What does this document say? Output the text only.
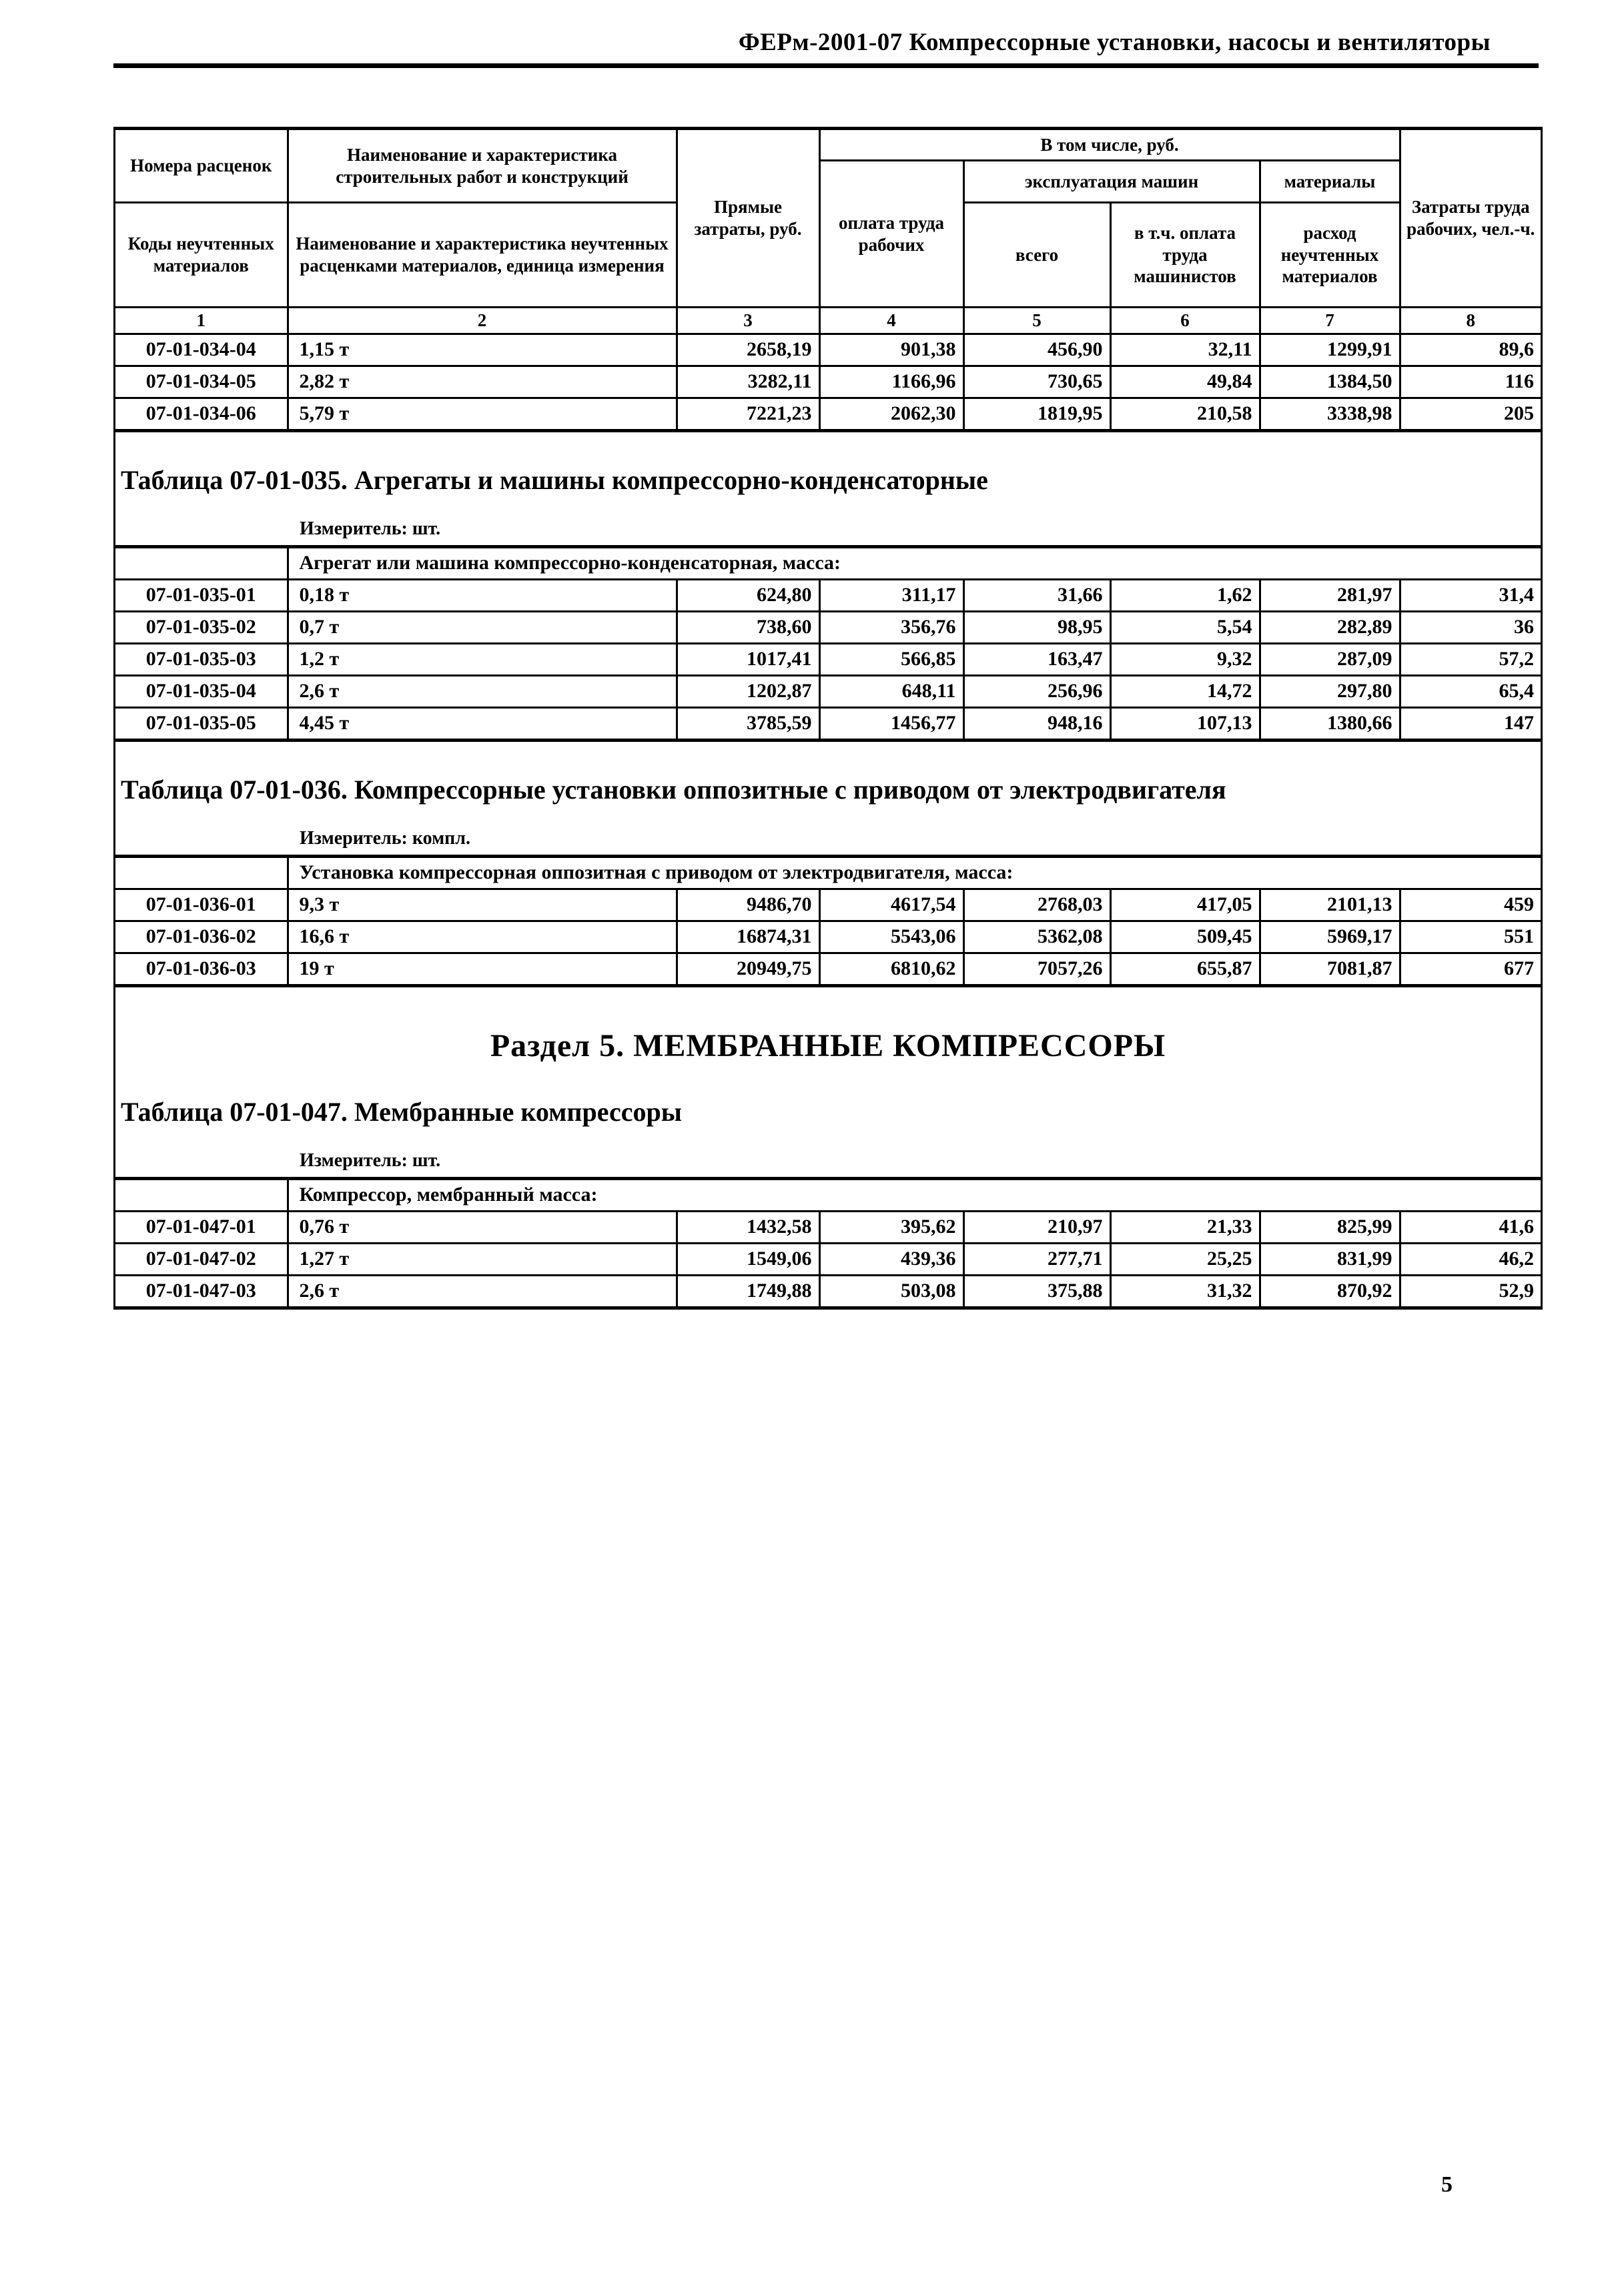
ФЕРм-2001-07 Компрессорные установки, насосы и вентиляторы
Номера расценок	Наименование и характеристика строительных работ и конструкций	Прямые затраты, руб.	В том числе, руб.				Затраты труда рабочих, чел.-ч.
			оплата труда рабочих	эксплуатация машин		материалы	
Коды неучтенных материалов	Наименование и характеристика неучтенных расценками материалов, единица измерения			всего	в т.ч. оплата труда машинистов	расход неучтенных материалов	
1	2	3	4	5	6	7	8
07-01-034-04	1,15 т	2658,19	901,38	456,90	32,11	1299,91	89,6
07-01-034-05	2,82 т	3282,11	1166,96	730,65	49,84	1384,50	116
07-01-034-06	5,79 т	7221,23	2062,30	1819,95	210,58	3338,98	205
Таблица 07-01-035. Агрегаты и машины компрессорно-конденсаторные
Измеритель: шт.
	Агрегат или машина компрессорно-конденсаторная, масса:						
07-01-035-01	0,18 т	624,80	311,17	31,66	1,62	281,97	31,4
07-01-035-02	0,7 т	738,60	356,76	98,95	5,54	282,89	36
07-01-035-03	1,2 т	1017,41	566,85	163,47	9,32	287,09	57,2
07-01-035-04	2,6 т	1202,87	648,11	256,96	14,72	297,80	65,4
07-01-035-05	4,45 т	3785,59	1456,77	948,16	107,13	1380,66	147
Таблица 07-01-036. Компрессорные установки оппозитные с приводом от электродвигателя
Измеритель: компл.
	Установка компрессорная оппозитная с приводом от электродвигателя, масса:						
07-01-036-01	9,3 т	9486,70	4617,54	2768,03	417,05	2101,13	459
07-01-036-02	16,6 т	16874,31	5543,06	5362,08	509,45	5969,17	551
07-01-036-03	19 т	20949,75	6810,62	7057,26	655,87	7081,87	677
Раздел 5. МЕМБРАННЫЕ КОМПРЕССОРЫ
Таблица 07-01-047. Мембранные компрессоры
Измеритель: шт.
	Компрессор, мембранный масса:						
07-01-047-01	0,76 т	1432,58	395,62	210,97	21,33	825,99	41,6
07-01-047-02	1,27 т	1549,06	439,36	277,71	25,25	831,99	46,2
07-01-047-03	2,6 т	1749,88	503,08	375,88	31,32	870,92	52,9
5
